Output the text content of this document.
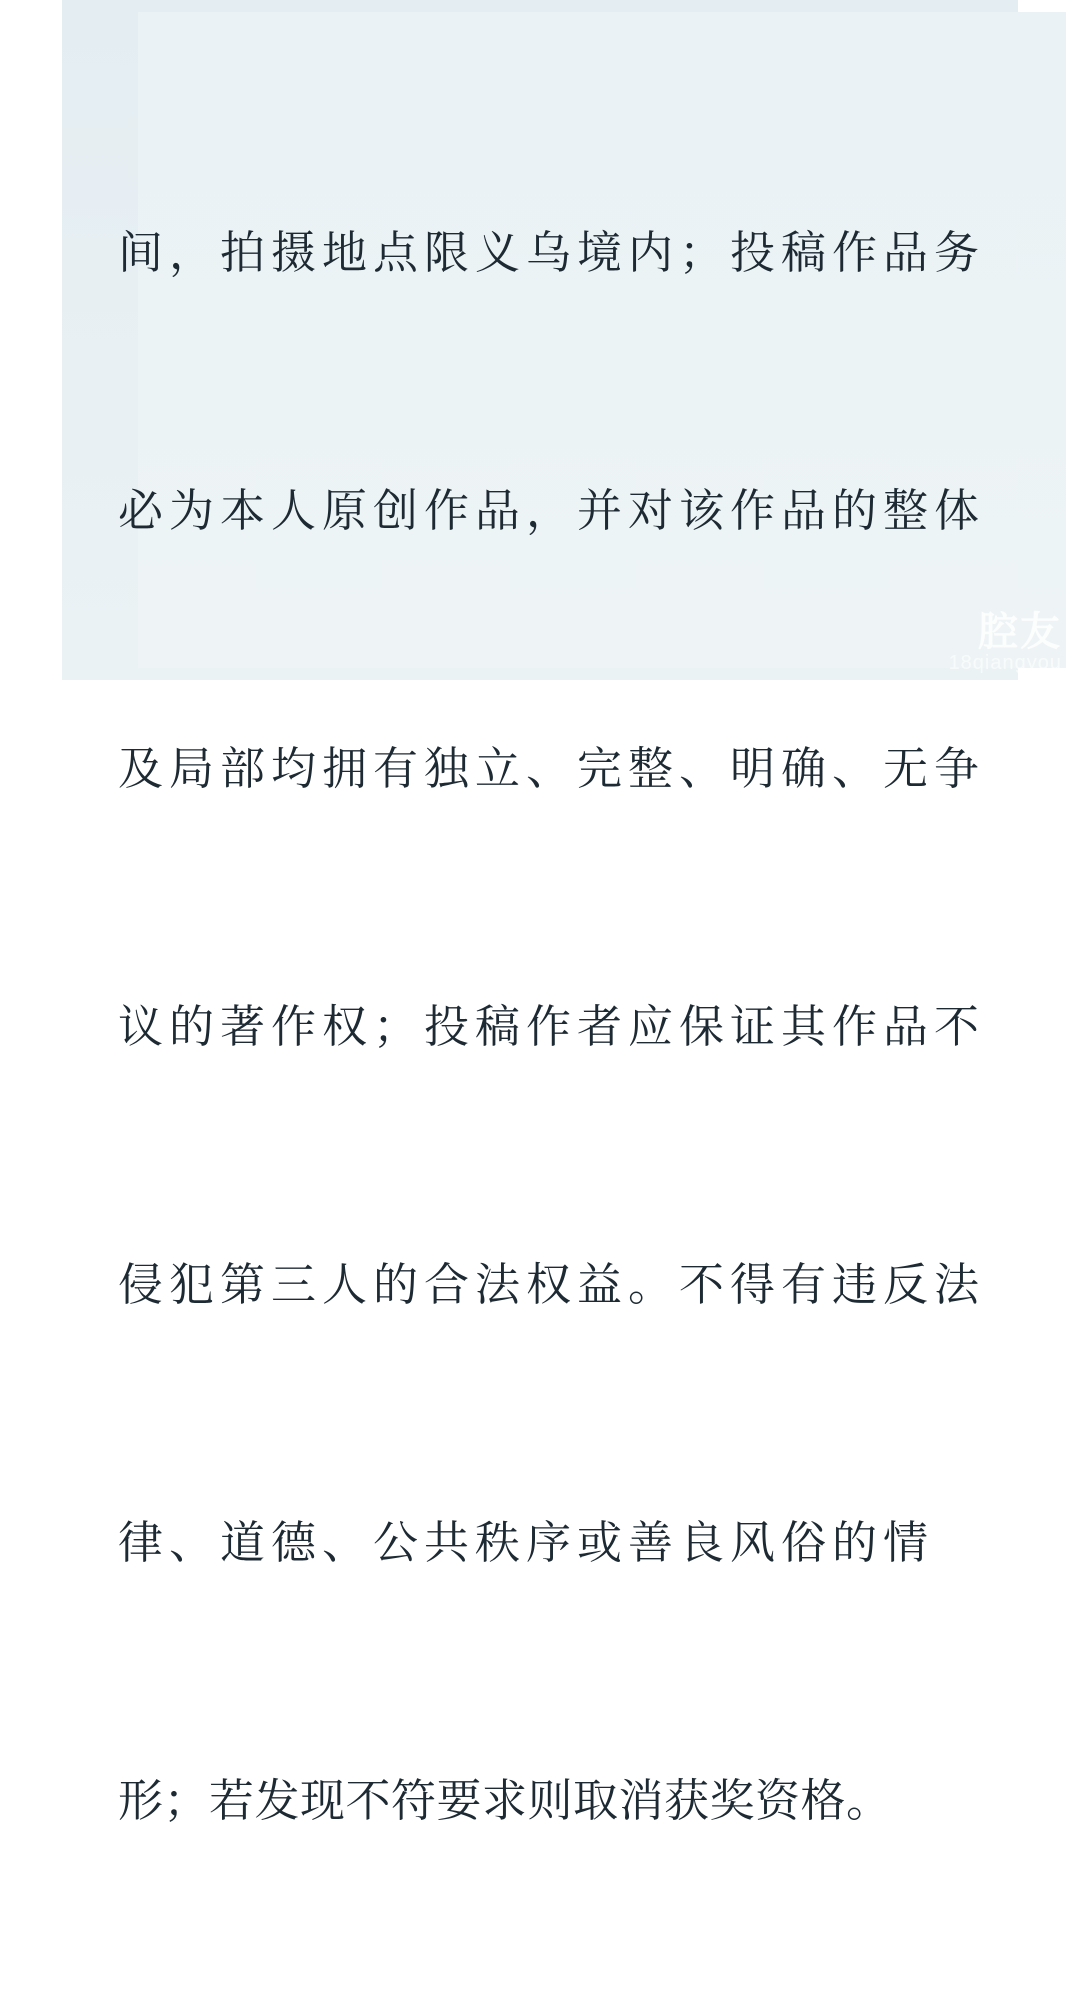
间，拍摄地点限义乌境内；投稿作品务

必为本人原创作品，并对该作品的整体

及局部均拥有独立、完整、明确、无争

议的著作权；投稿作者应保证其作品不

侵犯第三人的合法权益。不得有违反法

律、道德、公共秩序或善良风俗的情

形；若发现不符要求则取消获奖资格。

腔友
18qiangyou
